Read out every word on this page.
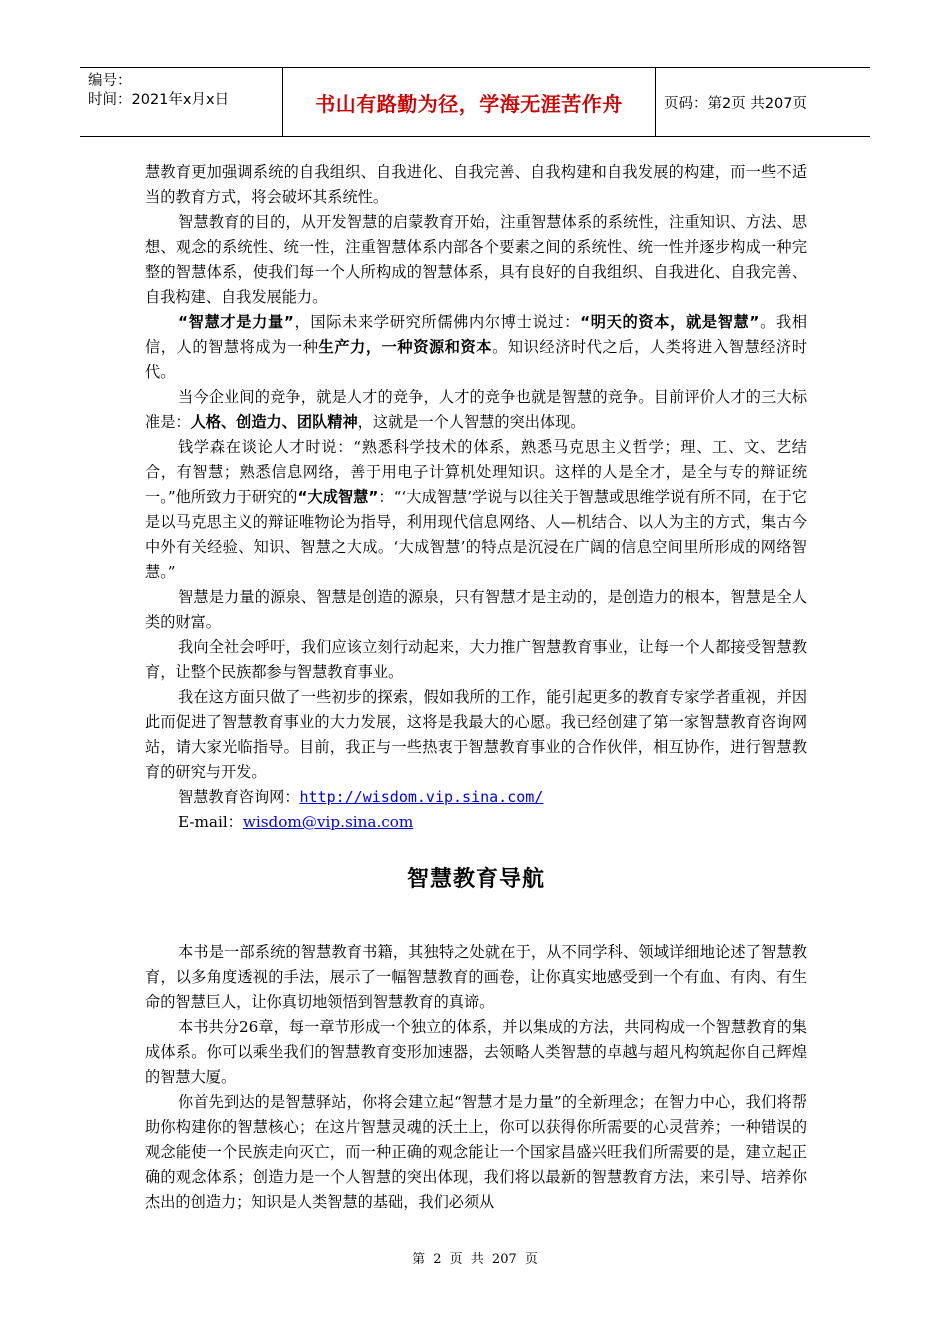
编号：
时间：2021年x月x日	书山有路勤为径，学海无涯苦作舟	页码：第2页 共207页

慧教育更加强调系统的自我组织、自我进化、自我完善、自我构建和自我发展的构建，而一些不适当的教育方式，将会破坏其系统性。

智慧教育的目的，从开发智慧的启蒙教育开始，注重智慧体系的系统性，注重知识、方法、思想、观念的系统性、统一性，注重智慧体系内部各个要素之间的系统性、统一性并逐步构成一种完整的智慧体系，使我们每一个人所构成的智慧体系，具有良好的自我组织、自我进化、自我完善、自我构建、自我发展能力。

“智慧才是力量”，国际未来学研究所儒佛内尔博士说过：“明天的资本，就是智慧”。我相信，人的智慧将成为一种生产力，一种资源和资本。知识经济时代之后，人类将进入智慧经济时代。

当今企业间的竞争，就是人才的竞争，人才的竞争也就是智慧的竞争。目前评价人才的三大标准是：人格、创造力、团队精神，这就是一个人智慧的突出体现。

钱学森在谈论人才时说：“熟悉科学技术的体系，熟悉马克思主义哲学；理、工、文、艺结合，有智慧；熟悉信息网络，善于用电子计算机处理知识。这样的人是全才，是全与专的辩证统一。”他所致力于研究的“大成智慧”：“‘大成智慧’学说与以往关于智慧或思维学说有所不同，在于它是以马克思主义的辩证唯物论为指导，利用现代信息网络、人—机结合、以人为主的方式，集古今中外有关经验、知识、智慧之大成。‘大成智慧’的特点是沉浸在广阔的信息空间里所形成的网络智慧。”

智慧是力量的源泉、智慧是创造的源泉，只有智慧才是主动的，是创造力的根本，智慧是全人类的财富。

我向全社会呼吁，我们应该立刻行动起来，大力推广智慧教育事业，让每一个人都接受智慧教育，让整个民族都参与智慧教育事业。

我在这方面只做了一些初步的探索，假如我所的工作，能引起更多的教育专家学者重视，并因此而促进了智慧教育事业的大力发展，这将是我最大的心愿。我已经创建了第一家智慧教育咨询网站，请大家光临指导。目前，我正与一些热衷于智慧教育事业的合作伙伴，相互协作，进行智慧教育的研究与开发。

智慧教育咨询网：http://wisdom.vip.sina.com/

E-mail：wisdom@vip.sina.com

智慧教育导航

本书是一部系统的智慧教育书籍，其独特之处就在于，从不同学科、领域详细地论述了智慧教育，以多角度透视的手法，展示了一幅智慧教育的画卷，让你真实地感受到一个有血、有肉、有生命的智慧巨人，让你真切地领悟到智慧教育的真谛。

本书共分26章，每一章节形成一个独立的体系，并以集成的方法，共同构成一个智慧教育的集成体系。你可以乘坐我们的智慧教育变形加速器，去领略人类智慧的卓越与超凡构筑起你自己辉煌的智慧大厦。

你首先到达的是智慧驿站，你将会建立起“智慧才是力量”的全新理念；在智力中心，我们将帮助你构建你的智慧核心；在这片智慧灵魂的沃土上，你可以获得你所需要的心灵营养；一种错误的观念能使一个民族走向灭亡，而一种正确的观念能让一个国家昌盛兴旺我们所需要的是，建立起正确的观念体系；创造力是一个人智慧的突出体现，我们将以最新的智慧教育方法，来引导、培养你杰出的创造力；知识是人类智慧的基础，我们必须从

第 2 页 共 207 页
